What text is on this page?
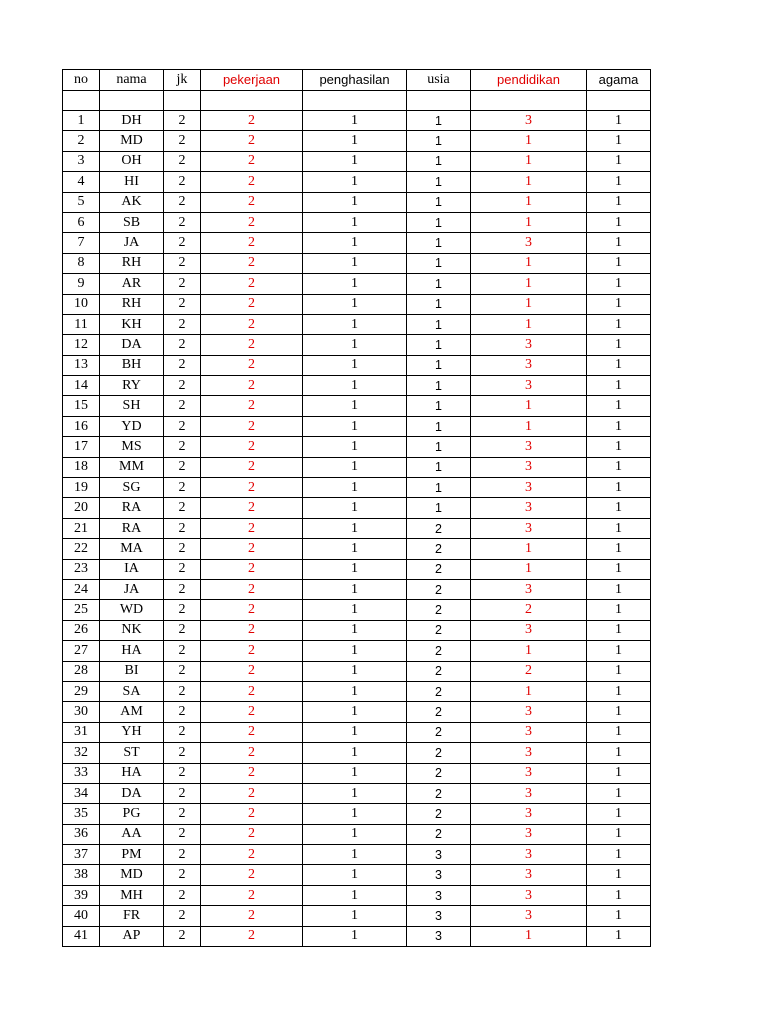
no	nama	jk	pekerjaan	penghasilan	usia	pendidikan	agama

1	DH	2	2	1	1	3	1
2	MD	2	2	1	1	1	1
3	OH	2	2	1	1	1	1
4	HI	2	2	1	1	1	1
5	AK	2	2	1	1	1	1
6	SB	2	2	1	1	1	1
7	JA	2	2	1	1	3	1
8	RH	2	2	1	1	1	1
9	AR	2	2	1	1	1	1
10	RH	2	2	1	1	1	1
11	KH	2	2	1	1	1	1
12	DA	2	2	1	1	3	1
13	BH	2	2	1	1	3	1
14	RY	2	2	1	1	3	1
15	SH	2	2	1	1	1	1
16	YD	2	2	1	1	1	1
17	MS	2	2	1	1	3	1
18	MM	2	2	1	1	3	1
19	SG	2	2	1	1	3	1
20	RA	2	2	1	1	3	1
21	RA	2	2	1	2	3	1
22	MA	2	2	1	2	1	1
23	IA	2	2	1	2	1	1
24	JA	2	2	1	2	3	1
25	WD	2	2	1	2	2	1
26	NK	2	2	1	2	3	1
27	HA	2	2	1	2	1	1
28	BI	2	2	1	2	2	1
29	SA	2	2	1	2	1	1
30	AM	2	2	1	2	3	1
31	YH	2	2	1	2	3	1
32	ST	2	2	1	2	3	1
33	HA	2	2	1	2	3	1
34	DA	2	2	1	2	3	1
35	PG	2	2	1	2	3	1
36	AA	2	2	1	2	3	1
37	PM	2	2	1	3	3	1
38	MD	2	2	1	3	3	1
39	MH	2	2	1	3	3	1
40	FR	2	2	1	3	3	1
41	AP	2	2	1	3	1	1
